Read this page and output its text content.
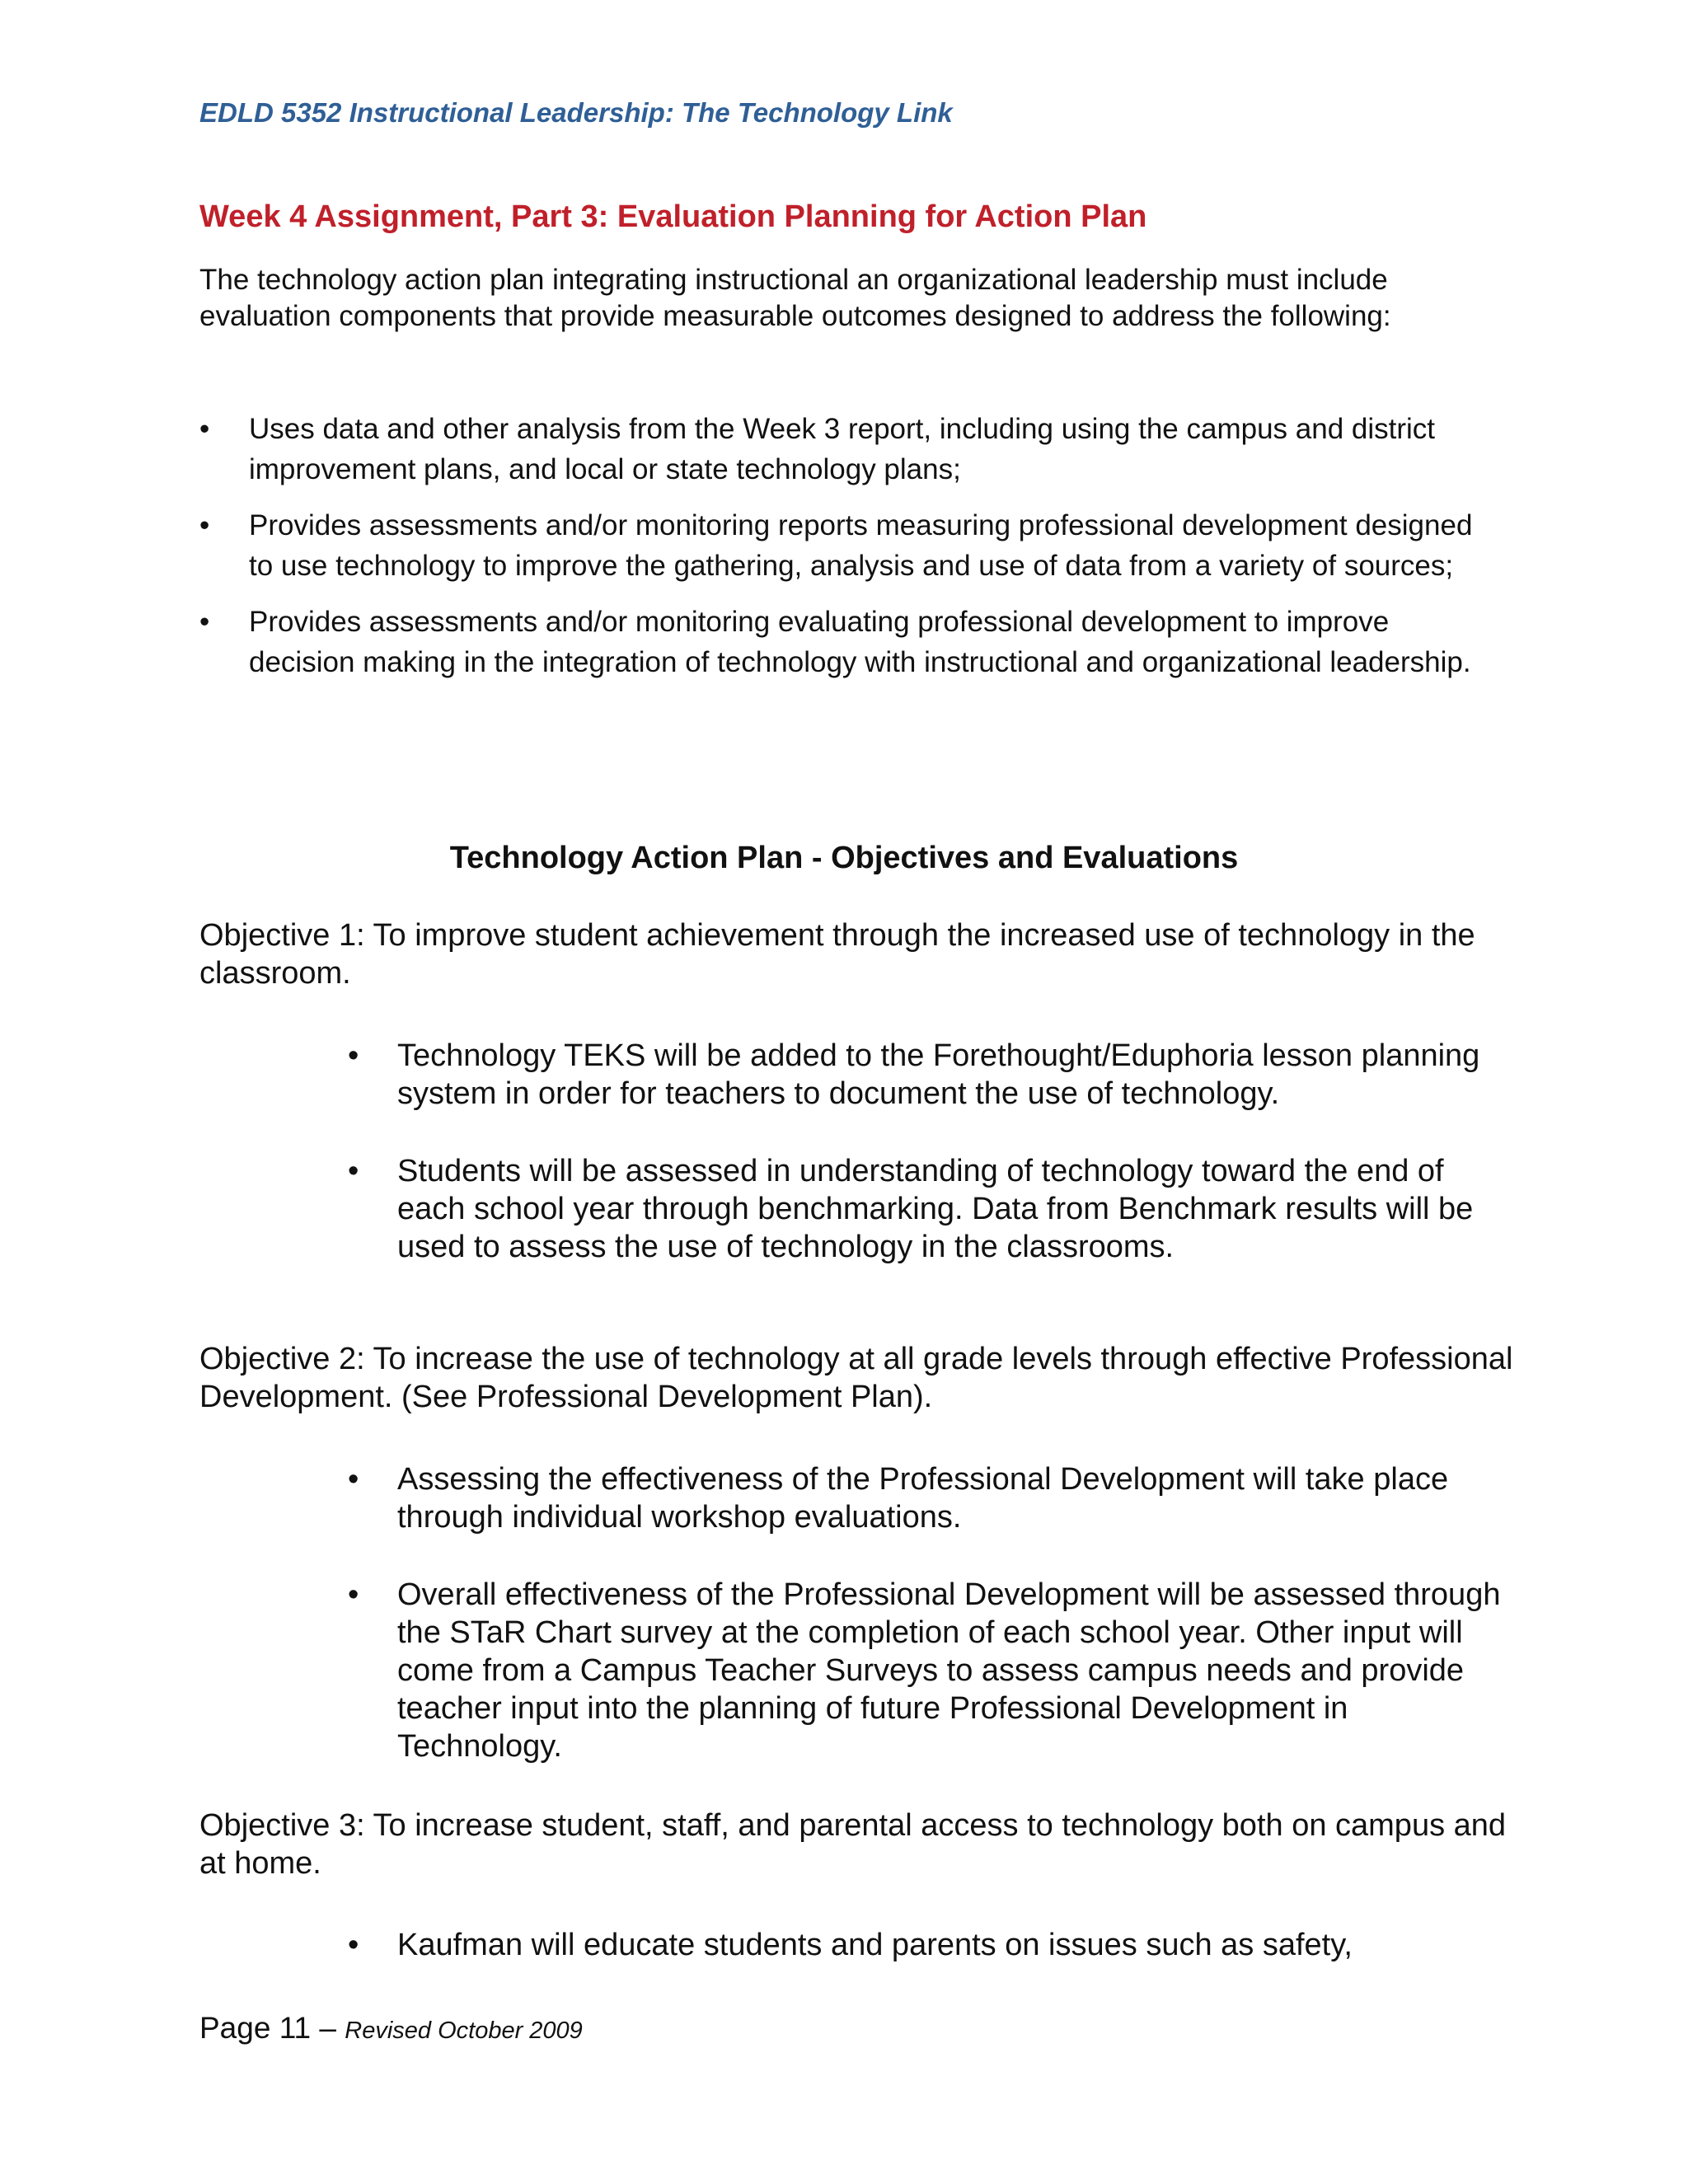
EDLD 5352 Instructional Leadership: The Technology Link

Week 4 Assignment, Part 3: Evaluation Planning for Action Plan

The technology action plan integrating instructional an organizational leadership must include evaluation components that provide measurable outcomes designed to address the following:

• Uses data and other analysis from the Week 3 report, including using the campus and district improvement plans, and local or state technology plans;
• Provides assessments and/or monitoring reports measuring professional development designed to use technology to improve the gathering, analysis and use of data from a variety of sources;
• Provides assessments and/or monitoring evaluating professional development to improve decision making in the integration of technology with instructional and organizational leadership.
Technology Action Plan - Objectives and Evaluations

Objective 1: To improve student achievement through the increased use of technology in the classroom.

• Technology TEKS will be added to the Forethought/Eduphoria lesson planning system in order for teachers to document the use of technology.
• Students will be assessed in understanding of technology toward the end of each school year through benchmarking. Data from Benchmark results will be used to assess the use of technology in the classrooms.

Objective 2: To increase the use of technology at all grade levels through effective Professional Development. (See Professional Development Plan).

• Assessing the effectiveness of the Professional Development will take place through individual workshop evaluations.
• Overall effectiveness of the Professional Development will be assessed through the STaR Chart survey at the completion of each school year. Other input will come from a Campus Teacher Surveys to assess campus needs and provide teacher input into the planning of future Professional Development in Technology.

Objective 3: To increase student, staff, and parental access to technology both on campus and at home.

• Kaufman will educate students and parents on issues such as safety,

Page 11 – Revised October 2009
